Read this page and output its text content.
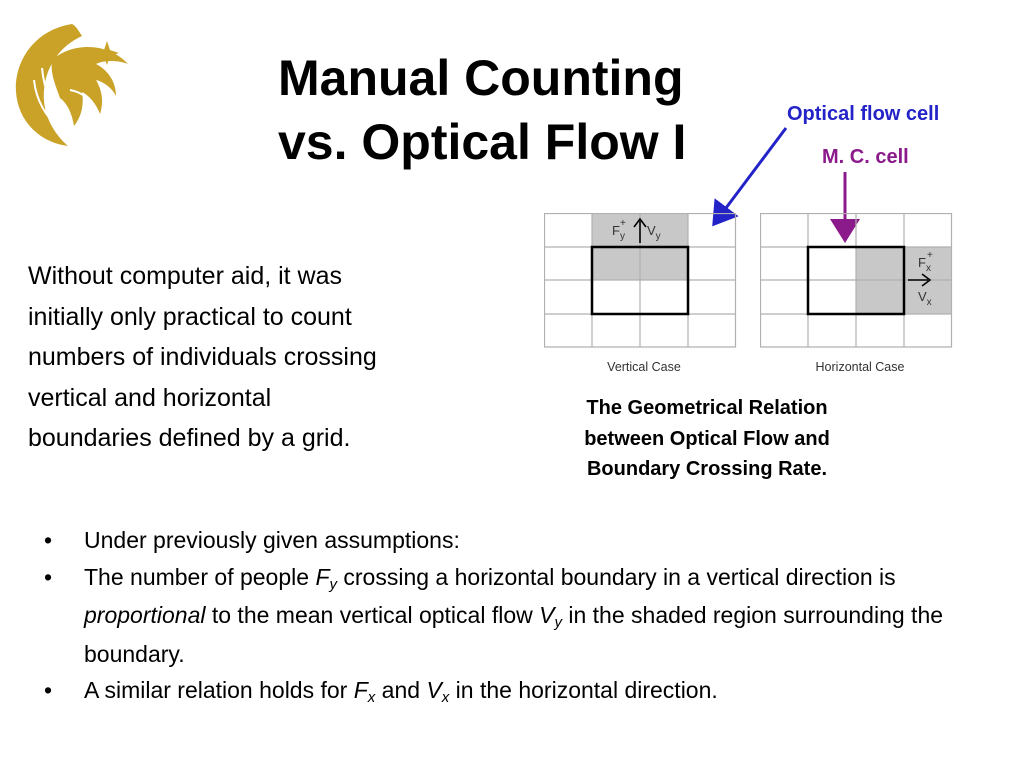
Manual Counting
vs. Optical Flow I	Optical flow cell
M. C. cell
Without computer aid, it was
initially only practical to count
numbers of individuals crossing
vertical and horizontal
boundaries defined by a grid.
$F_y$
+ $V_y$
Vertical Case
$F_x$
+
$V_x$
Horizontal Case
The Geometrical Relation
between Optical Flow and
Boundary Crossing Rate.
• Under previously given assumptions:
• The number of people $F_y$ crossing a horizontal boundary in a vertical direction is proportional to the mean vertical optical flow $V_y$ in the shaded region surrounding the boundary.
• A similar relation holds for $F_x$ and $V_x$ in the horizontal direction.
